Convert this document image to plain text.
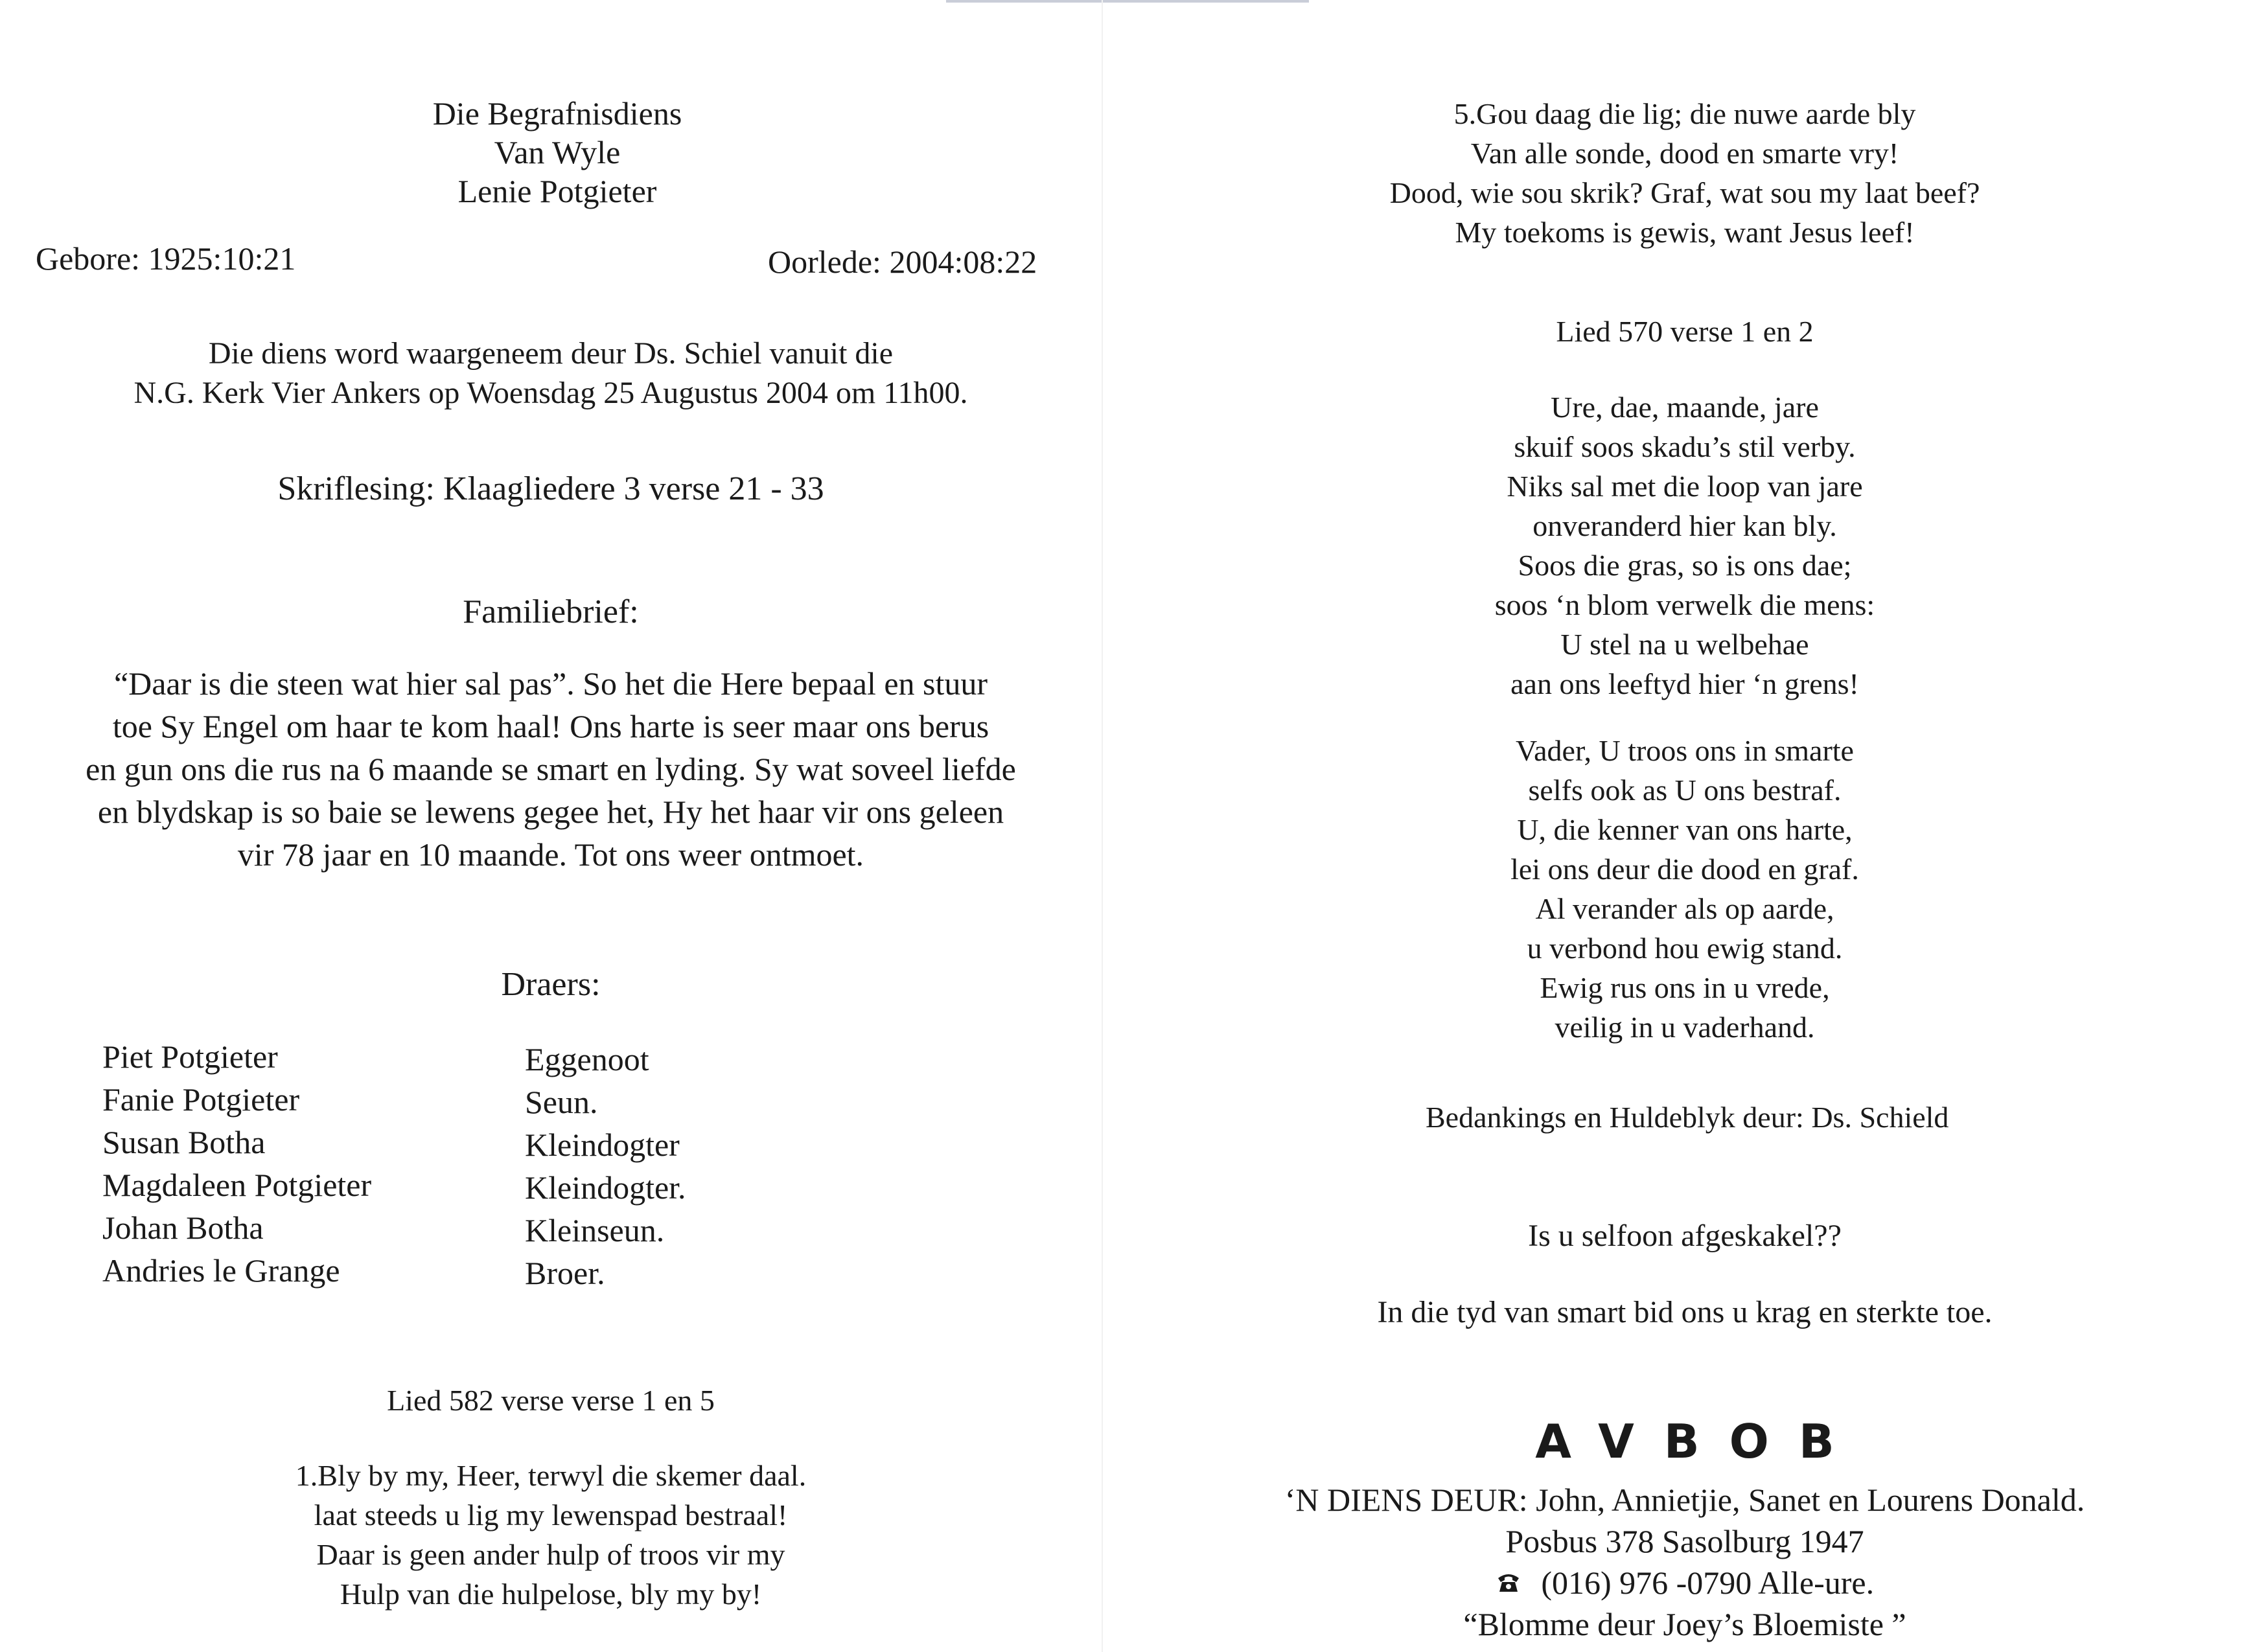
Die Begrafnisdiens
Van Wyle
Lenie Potgieter
Gebore: 1925:10:21	Oorlede: 2004:08:22
Die diens word waargeneem deur Ds. Schiel vanuit die
N.G. Kerk Vier Ankers op Woensdag 25 Augustus 2004 om 11h00.
Skriflesing: Klaagliedere 3 verse 21 - 33
Familiebrief:
“Daar is die steen wat hier sal pas”. So het die Here bepaal en stuur
toe Sy Engel om haar te kom haal! Ons harte is seer maar ons berus
en gun ons die rus na 6 maande se smart en lyding. Sy wat soveel liefde
en blydskap is so baie se lewens gegee het, Hy het haar vir ons geleen
vir 78 jaar en 10 maande. Tot ons weer ontmoet.
Draers:
Piet Potgieter	Eggenoot
Fanie Potgieter	Seun.
Susan Botha	Kleindogter
Magdaleen Potgieter	Kleindogter.
Johan Botha	Kleinseun.
Andries le Grange	Broer.
Lied 582 verse verse 1 en 5
1.Bly by my, Heer, terwyl die skemer daal.
laat steeds u lig my lewenspad bestraal!
Daar is geen ander hulp of troos vir my
Hulp van die hulpelose, bly my by!
5.Gou daag die lig; die nuwe aarde bly
Van alle sonde, dood en smarte vry!
Dood, wie sou skrik? Graf, wat sou my laat beef?
My toekoms is gewis, want Jesus leef!
Lied 570 verse 1 en 2
Ure, dae, maande, jare
skuif soos skadu’s stil verby.
Niks sal met die loop van jare
onveranderd hier kan bly.
Soos die gras, so is ons dae;
soos ‘n blom verwelk die mens:
U stel na u welbehae
aan ons leeftyd hier ‘n grens!
Vader, U troos ons in smarte
selfs ook as U ons bestraf.
U, die kenner van ons harte,
lei ons deur die dood en graf.
Al verander als op aarde,
u verbond hou ewig stand.
Ewig rus ons in u vrede,
veilig in u vaderhand.
Bedankings en Huldeblyk deur: Ds. Schield
Is u selfoon afgeskakel??
In die tyd van smart bid ons u krag en sterkte toe.
AVBOB
‘N DIENS DEUR: John, Annietjie, Sanet en Lourens Donald.
Posbus 378 Sasolburg 1947
(016) 976 -0790 Alle-ure.
“Blomme deur Joey’s Bloemiste ”
